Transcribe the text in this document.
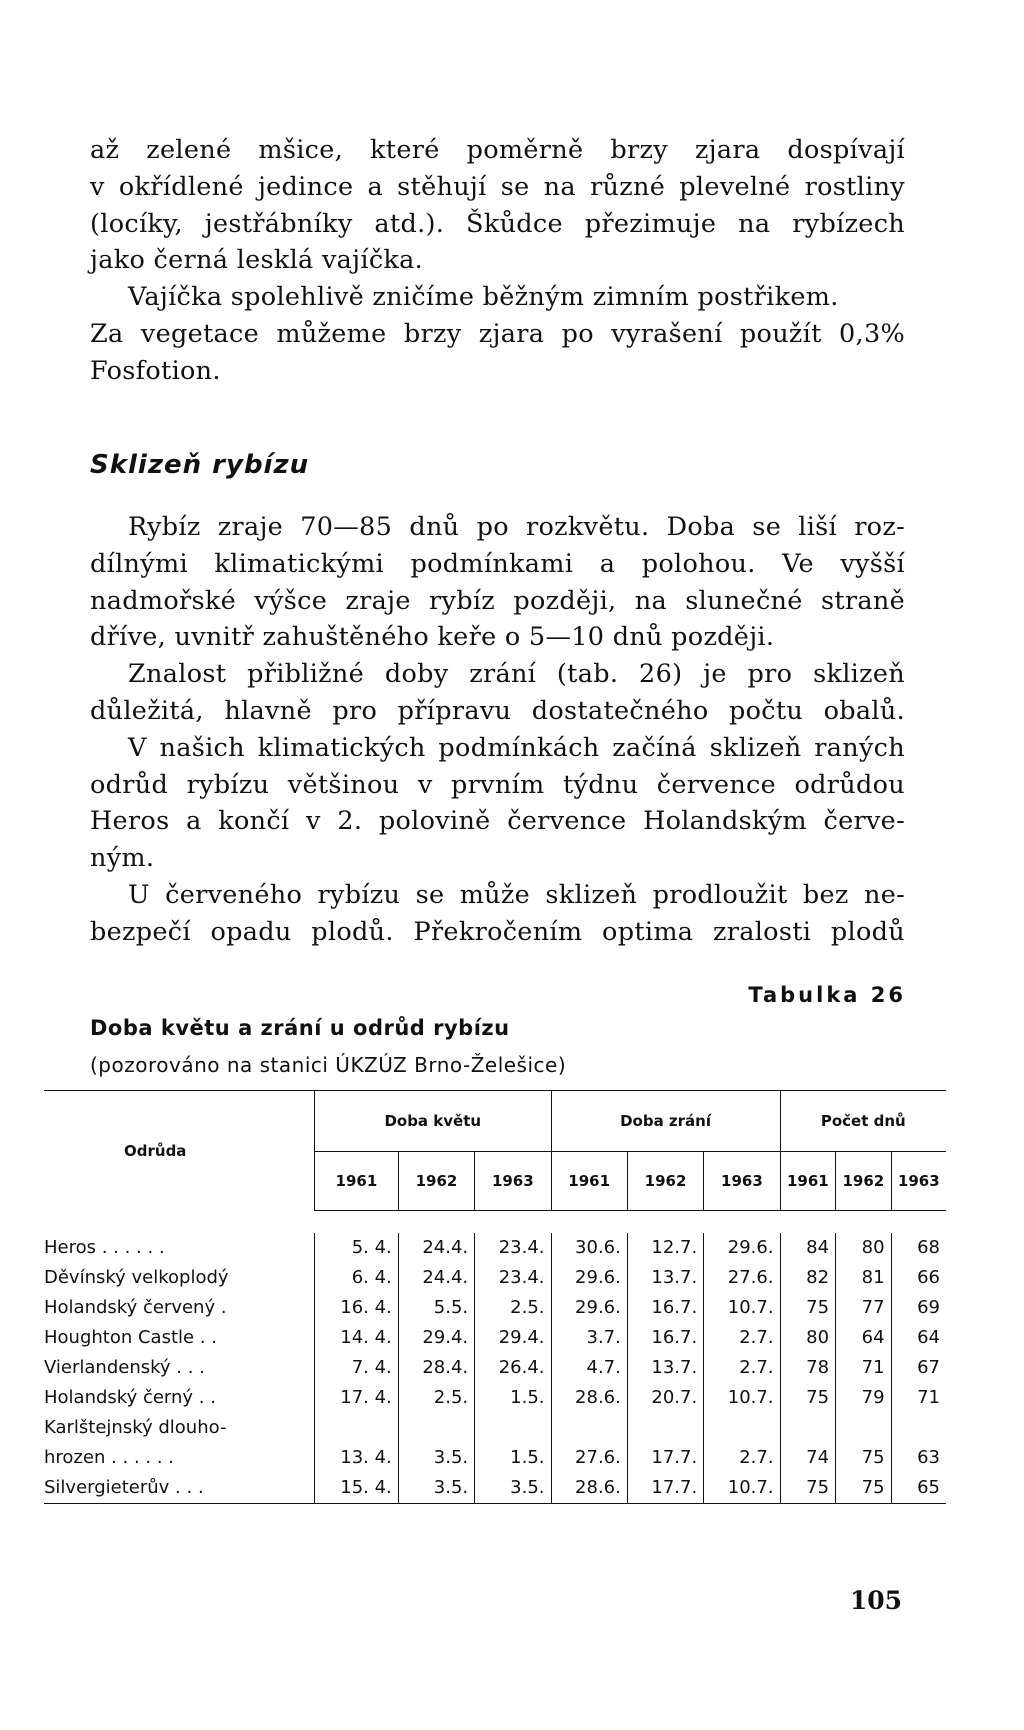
až zelené mšice, které poměrně brzy zjara dospívají
v okřídlené jedince a stěhují se na různé plevelné rostliny
(locíky, jestřábníky atd.). Škůdce přezimuje na rybízech
jako černá lesklá vajíčka.
Vajíčka spolehlivě zničíme běžným zimním postřikem.
Za vegetace můžeme brzy zjara po vyrašení použít 0,3%
Fosfotion.
Sklizeň rybízu
Rybíz zraje 70—85 dnů po rozkvětu. Doba se liší roz-
dílnými klimatickými podmínkami a polohou. Ve vyšší
nadmořské výšce zraje rybíz později, na slunečné straně
dříve, uvnitř zahuštěného keře o 5—10 dnů později.
Znalost přibližné doby zrání (tab. 26) je pro sklizeň
důležitá, hlavně pro přípravu dostatečného počtu obalů.
V našich klimatických podmínkách začíná sklizeň raných
odrůd rybízu většinou v prvním týdnu července odrůdou
Heros a končí v 2. polovině července Holandským červe-
ným.
U červeného rybízu se může sklizeň prodloužit bez ne-
bezpečí opadu plodů. Překročením optima zralosti plodů
Tabulka 26
Doba květu a zrání u odrůd rybízu
(pozorováno na stanici ÚKZÚZ Brno-Želešice)
Odrůda	Doba květu			Doba zrání			Počet dnů		
	1961	1962	1963	1961	1962	1963	1961	1962	1963

Heros . . . . . .	5. 4.	24.4.	23.4.	30.6.	12.7.	29.6.	84	80	68
Děvínský velkoplodý	6. 4.	24.4.	23.4.	29.6.	13.7.	27.6.	82	81	66
Holandský červený .	16. 4.	5.5.	2.5.	29.6.	16.7.	10.7.	75	77	69
Houghton Castle . .	14. 4.	29.4.	29.4.	3.7.	16.7.	2.7.	80	64	64
Vierlandenský . . .	7. 4.	28.4.	26.4.	4.7.	13.7.	2.7.	78	71	67
Holandský černý . .	17. 4.	2.5.	1.5.	28.6.	20.7.	10.7.	75	79	71
Karlštejnský dlouho-									
hrozen . . . . . .	13. 4.	3.5.	1.5.	27.6.	17.7.	2.7.	74	75	63
Silvergieterův . . .	15. 4.	3.5.	3.5.	28.6.	17.7.	10.7.	75	75	65
105
